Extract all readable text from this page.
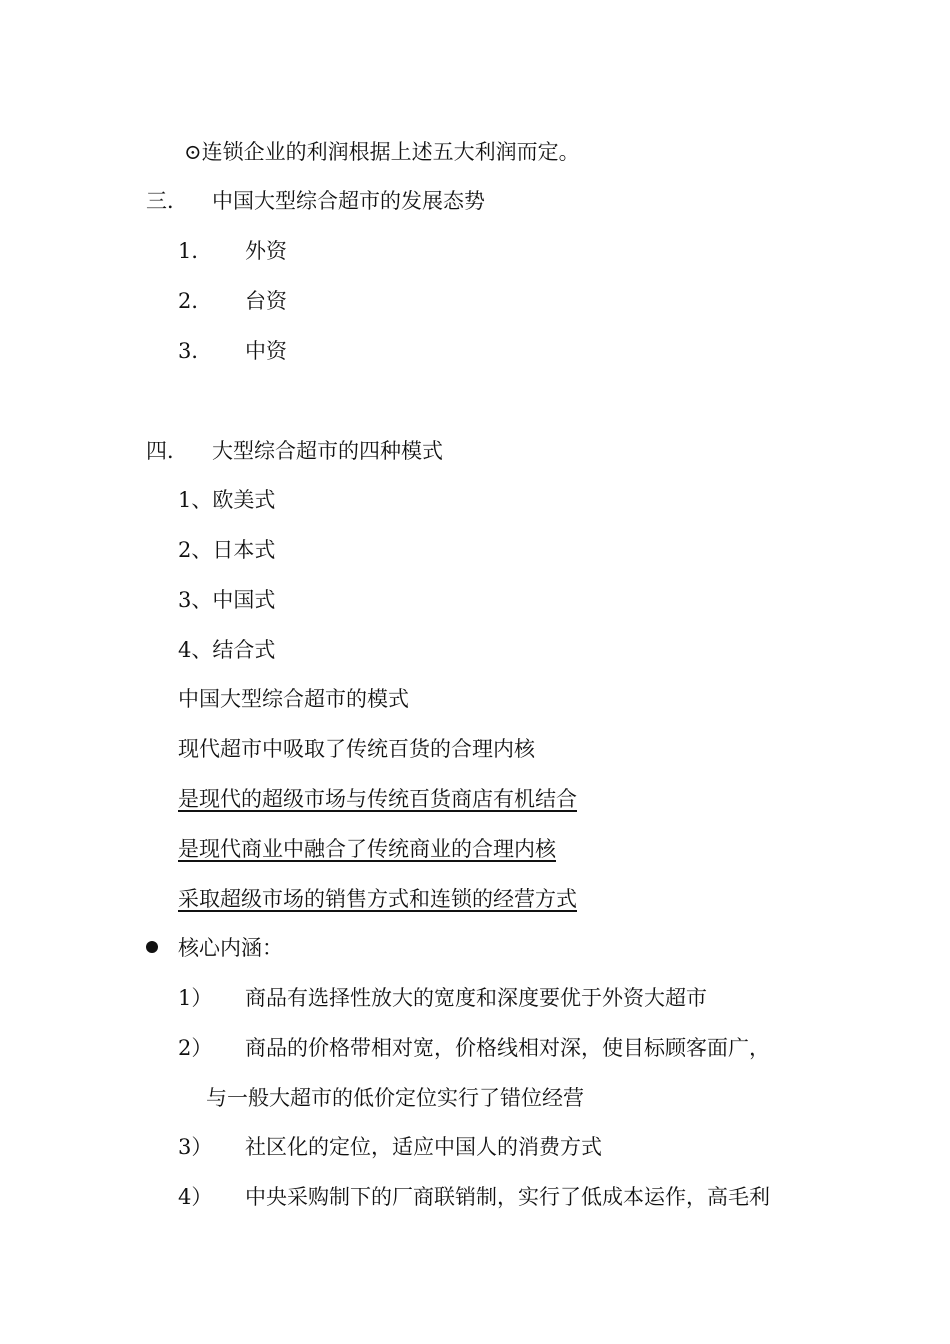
⊙连锁企业的利润根据上述五大利润而定。
三． 中国大型综合超市的发展态势
1． 外资
2． 台资
3． 中资
四． 大型综合超市的四种模式
1、欧美式
2、日本式
3、中国式
4、结合式
中国大型综合超市的模式
现代超市中吸取了传统百货的合理内核
是现代的超级市场与传统百货商店有机结合
是现代商业中融合了传统商业的合理内核
采取超级市场的销售方式和连锁的经营方式
核心内涵：
1） 商品有选择性放大的宽度和深度要优于外资大超市
2） 商品的价格带相对宽，价格线相对深，使目标顾客面广，
与一般大超市的低价定位实行了错位经营
3） 社区化的定位，适应中国人的消费方式
4） 中央采购制下的厂商联销制，实行了低成本运作，高毛利
